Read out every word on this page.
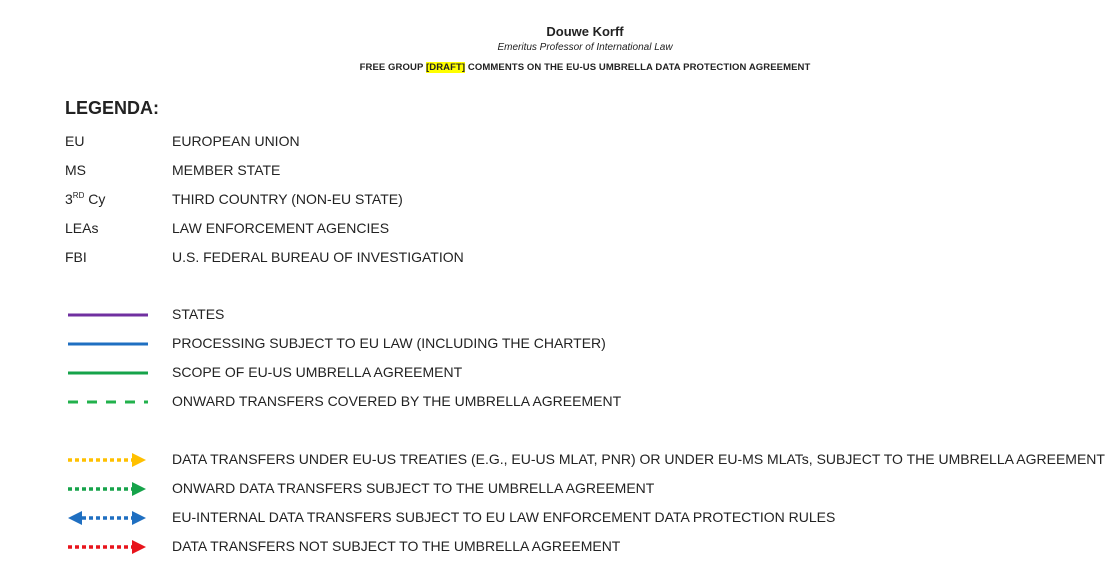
Douwe Korff
Emeritus Professor of International Law
FREE GROUP [DRAFT] COMMENTS ON THE EU-US UMBRELLA DATA PROTECTION AGREEMENT
LEGENDA:
EU	EUROPEAN UNION
MS	MEMBER STATE
3RD Cy	THIRD COUNTRY (NON-EU STATE)
LEAs	LAW ENFORCEMENT AGENCIES
FBI	U.S. FEDERAL BUREAU OF INVESTIGATION
STATES
PROCESSING SUBJECT TO EU LAW (INCLUDING THE CHARTER)
SCOPE OF EU-US UMBRELLA AGREEMENT
ONWARD TRANSFERS COVERED BY THE UMBRELLA AGREEMENT
DATA TRANSFERS UNDER EU-US TREATIES (E.G., EU-US MLAT, PNR) OR UNDER EU-MS MLATs, SUBJECT TO THE UMBRELLA AGREEMENT
ONWARD DATA TRANSFERS SUBJECT TO THE UMBRELLA AGREEMENT
EU-INTERNAL DATA TRANSFERS SUBJECT TO EU LAW ENFORCEMENT DATA PROTECTION RULES
DATA TRANSFERS NOT SUBJECT TO THE UMBRELLA AGREEMENT
